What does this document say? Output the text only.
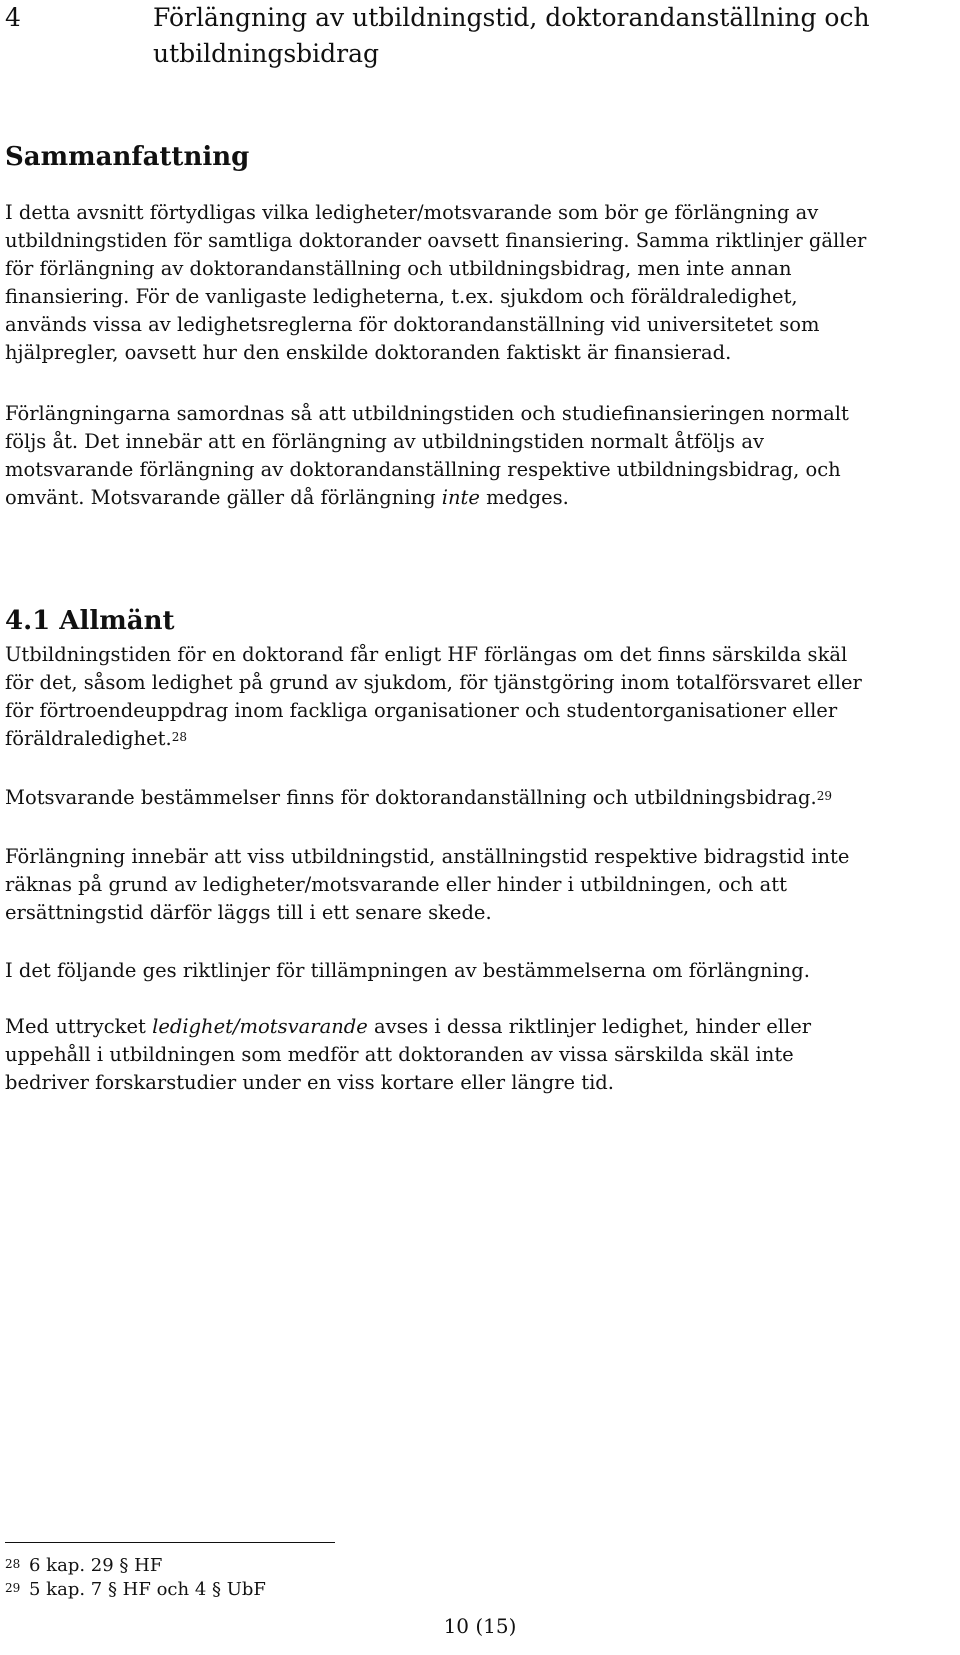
4	Förlängning av utbildningstid, doktorandanställning och
utbildningsbidrag
Sammanfattning

I detta avsnitt förtydligas vilka ledigheter/motsvarande som bör ge förlängning av
utbildningstiden för samtliga doktorander oavsett finansiering. Samma riktlinjer gäller
för förlängning av doktorandanställning och utbildningsbidrag, men inte annan
finansiering. För de vanligaste ledigheterna, t.ex. sjukdom och föräldraledighet,
används vissa av ledighetsreglerna för doktorandanställning vid universitetet som
hjälpregler, oavsett hur den enskilde doktoranden faktiskt är finansierad.

Förlängningarna samordnas så att utbildningstiden och studiefinansieringen normalt
följs åt. Det innebär att en förlängning av utbildningstiden normalt åtföljs av
motsvarande förlängning av doktorandanställning respektive utbildningsbidrag, och
omvänt. Motsvarande gäller då förlängning inte medges.

4.1 Allmänt

Utbildningstiden för en doktorand får enligt HF förlängas om det finns särskilda skäl
för det, såsom ledighet på grund av sjukdom, för tjänstgöring inom totalförsvaret eller
för förtroendeuppdrag inom fackliga organisationer och studentorganisationer eller
föräldraledighet.$^{28}$

Motsvarande bestämmelser finns för doktorandanställning och utbildningsbidrag.$^{29}$

Förlängning innebär att viss utbildningstid, anställningstid respektive bidragstid inte
räknas på grund av ledigheter/motsvarande eller hinder i utbildningen, och att
ersättningstid därför läggs till i ett senare skede.

I det följande ges riktlinjer för tillämpningen av bestämmelserna om förlängning.

Med uttrycket ledighet/motsvarande avses i dessa riktlinjer ledighet, hinder eller
uppehåll i utbildningen som medför att doktoranden av vissa särskilda skäl inte
bedriver forskarstudier under en viss kortare eller längre tid.

28 6 kap. 29 § HF
29 5 kap. 7 § HF och 4 § UbF
10 (15)
